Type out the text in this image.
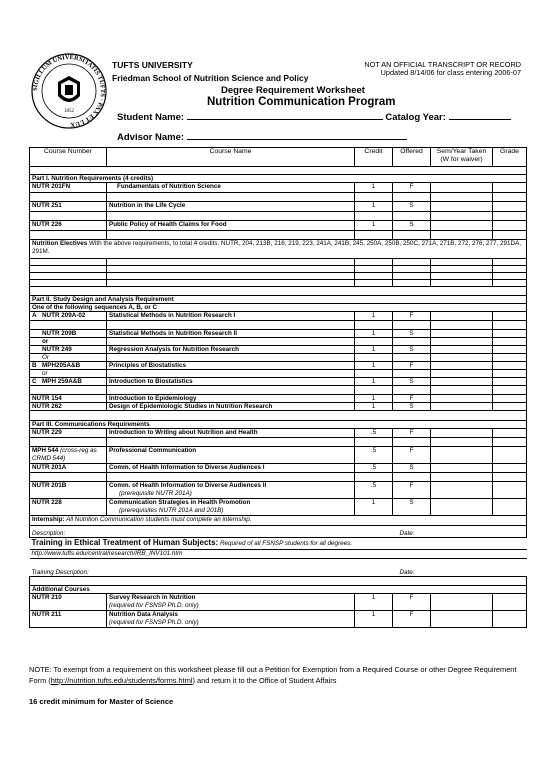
SIGILLUM UNIVERSITATIS TUFTS · PAX ET LUX
1852
TUFTS UNIVERSITY
Friedman School of Nutrition Science and Policy
NOT AN OFFICIAL TRANSCRIPT OR RECORD
Updated 8/14/06 for class entering 2006-07
Degree Requirement Worksheet
Nutrition Communication Program
Student Name:	Catalog Year:
Advisor Name:
Course Number	Course Name	Credit	Offered	Sem/Year Taken (W for waiver)	Grade

Part I. Nutrition Requirements (4 credits)					
NUTR 201FN	Fundamentals of Nutrition Science	1	F		

NUTR 251	Nutrition in the Life Cycle	1	S		

NUTR 226	Public Policy of Health Claims for Food	1	S		

Nutrition Electives With the above requirements, to total 4 credits. NUTR, 204, 213B, 216, 219, 223, 241A, 241B, 245, 250A, 250B, 250C, 271A, 271B, 272, 276, 277, 291DA, 291M.					

Part II. Study Design and Analysis Requirement					
One of the following sequences A, B, or C					
A NUTR 209A-02	Statistical Methods in Nutrition Research I	1	F		

NUTR 209B	Statistical Methods in Nutrition Research II	1	S		
or					
NUTR 249	Regression Analysis for Nutrition Research	1	S		
Or					
B MPH205A&B	Principles of Biostatistics	1	F		
or					
C MPH 259A&B	Introduction to Biostatistics	1	S		

NUTR 154	Introduction to Epidemiology	1	F		
NUTR 262	Design of Epidemiologic Studies in Nutrition Research	1	S		

Part III. Communications Requirements					
NUTR 229	Introduction to Writing about Nutrition and Health	.5	F		

MPH 544 (cross-reg as CRMD 544)	Professional Communication	.5	F		
NUTR 201A	Comm. of Health Information to Diverse Audiences I	.5	S		

NUTR 201B	Comm. of Health Information to Diverse Audiences II
(prerequisite NUTR 201A)	.5	F		
NUTR 228	Communication Strategies in Health Promotion
(prerequisites NUTR 201A and 201B)	1	S		
Internship: All Nutrition Communication students must complete an internship.					
Description: Date:					

Training in Ethical Treatment of Human Subjects: Required of all FSNSP students for all degrees.					
http://www.tufts.edu/central/research/IRB_INV101.htm					
Training Description: Date:					

Additional Courses					
NUTR 210	Survey Research in Nutrition
(required for FSNSP Ph.D. only)	1	F		
NUTR 211	Nutrition Data Analysis
(required for FSNSP Ph.D. only)	1	F		
NOTE: To exempt from a requirement on this worksheet please fill out a Petition for Exemption from a Required Course or other Degree Requirement Form (http://nutrition.tufts.edu/students/forms.html) and return it to the Office of Student Affairs
16 credit minimum for Master of Science
